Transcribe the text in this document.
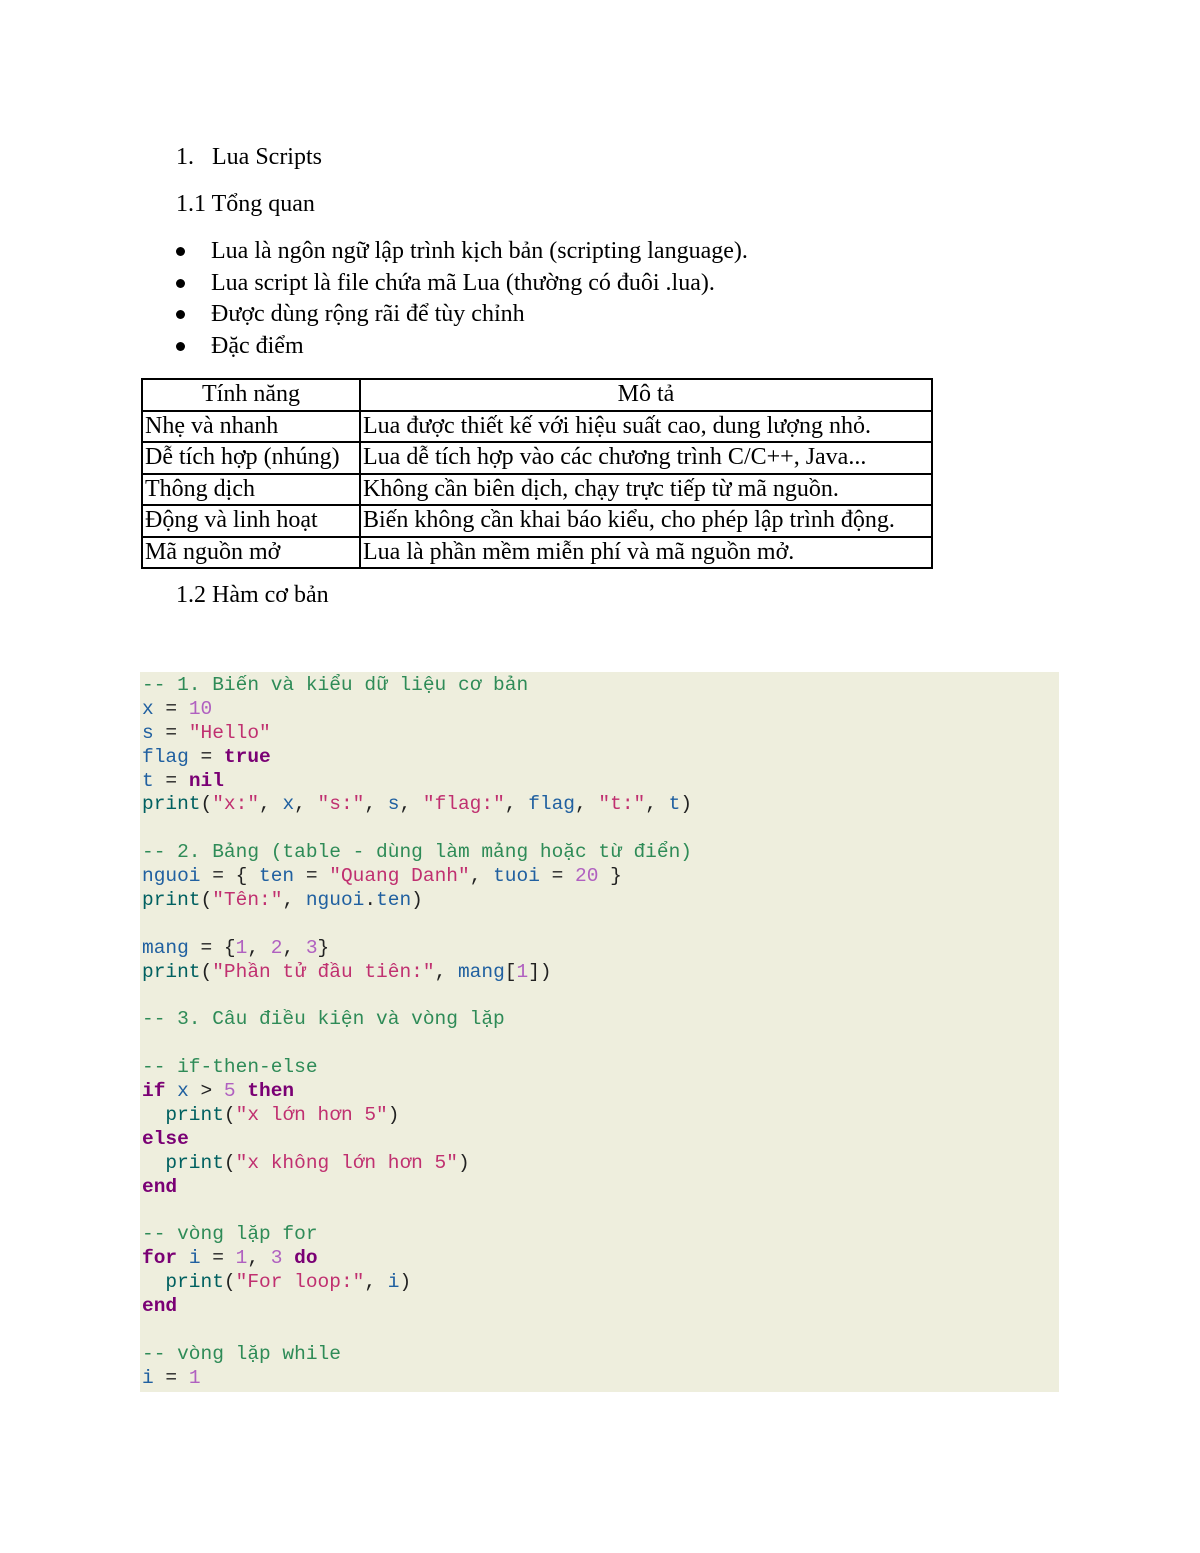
1. Lua Scripts
1.1 Tổng quan
Lua là ngôn ngữ lập trình kịch bản (scripting language).
Lua script là file chứa mã Lua (thường có đuôi .lua).
Được dùng rộng rãi để tùy chỉnh
Đặc điểm
Tính năng	Mô tả
Nhẹ và nhanh	Lua được thiết kế với hiệu suất cao, dung lượng nhỏ.
Dễ tích hợp (nhúng)	Lua dễ tích hợp vào các chương trình C/C++, Java...
Thông dịch	Không cần biên dịch, chạy trực tiếp từ mã nguồn.
Động và linh hoạt	Biến không cần khai báo kiểu, cho phép lập trình động.
Mã nguồn mở	Lua là phần mềm miễn phí và mã nguồn mở.
1.2 Hàm cơ bản
-- 1. Biến và kiểu dữ liệu cơ bản
x = 10
s = "Hello"
flag = true
t = nil
print("x:", x, "s:", s, "flag:", flag, "t:", t)

-- 2. Bảng (table - dùng làm mảng hoặc từ điển)
nguoi = { ten = "Quang Danh", tuoi = 20 }
print("Tên:", nguoi.ten)

mang = {1, 2, 3}
print("Phần tử đầu tiên:", mang[1])

-- 3. Câu điều kiện và vòng lặp

-- if-then-else
if x > 5 then
print("x lớn hơn 5")
else
print("x không lớn hơn 5")
end

-- vòng lặp for
for i = 1, 3 do
print("For loop:", i)
end

-- vòng lặp while
i = 1
